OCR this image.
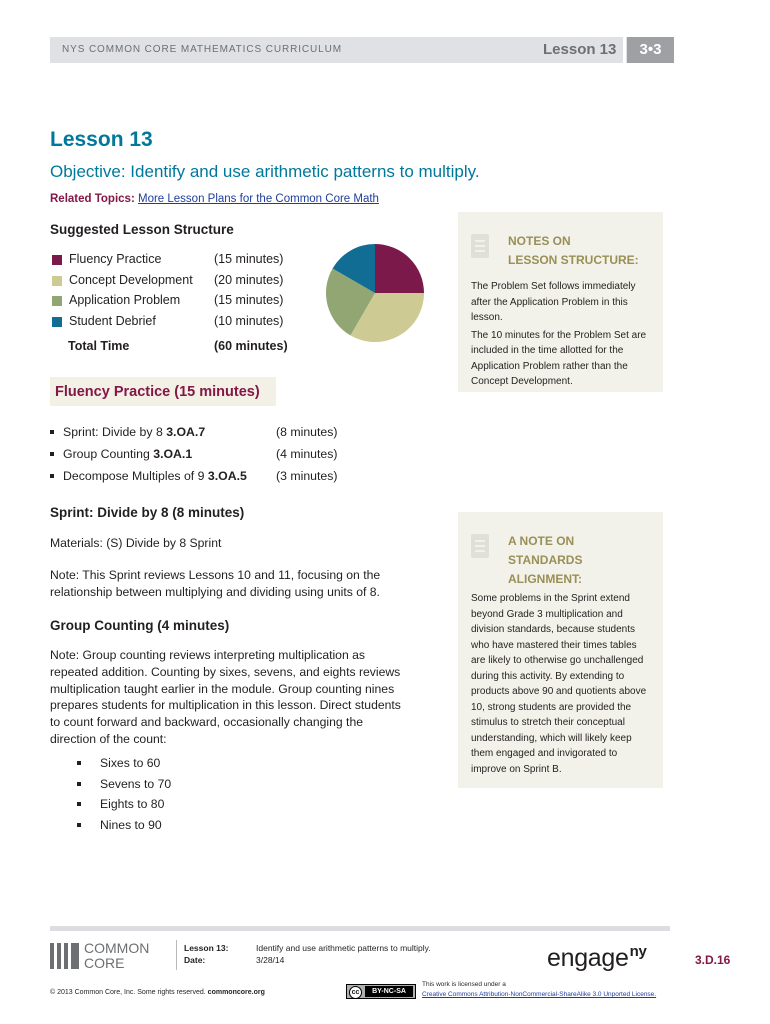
NYS COMMON CORE MATHEMATICS CURRICULUM	Lesson 13	3•3
Lesson 13
Objective: Identify and use arithmetic patterns to multiply.
Related Topics: More Lesson Plans for the Common Core Math
Suggested Lesson Structure
Fluency Practice	(15 minutes)
Concept Development (20 minutes)
Application Problem	(15 minutes)
Student Debrief	(10 minutes)
Total Time	(60 minutes)
NOTES ON
LESSON STRUCTURE:
The Problem Set follows immediately
after the Application Problem in this
lesson.
The 10 minutes for the Problem Set are
included in the time allotted for the
Application Problem rather than the
Concept Development.
Fluency Practice (15 minutes)
Sprint: Divide by 8 3.OA.7	(8 minutes)
Group Counting 3.OA.1	(4 minutes)
Decompose Multiples of 9 3.OA.5 (3 minutes)
Sprint: Divide by 8 (8 minutes)
Materials: (S) Divide by 8 Sprint
Note: This Sprint reviews Lessons 10 and 11, focusing on the
relationship between multiplying and dividing using units of 8.
Group Counting (4 minutes)
Note: Group counting reviews interpreting multiplication as
repeated addition. Counting by sixes, sevens, and eights reviews
multiplication taught earlier in the module. Group counting nines
prepares students for multiplication in this lesson. Direct students
to count forward and backward, occasionally changing the
direction of the count:
Sixes to 60
Sevens to 70
Eights to 80
Nines to 90
A NOTE ON
STANDARDS
ALIGNMENT:
Some problems in the Sprint extend
beyond Grade 3 multiplication and
division standards, because students
who have mastered their times tables
are likely to otherwise go unchallenged
during this activity. By extending to
products above 90 and quotients above
10, strong students are provided the
stimulus to stretch their conceptual
understanding, which will likely keep
them engaged and invigorated to
improve on Sprint B.
COMMON
CORE
Lesson 13:
Date:
Identify and use arithmetic patterns to multiply.
3/28/14	engage$^{ny}$	3.D.16
© 2013 Common Core, Inc. Some rights reserved. commoncore.org	cc	BY-NC-SA
This work is licensed under a
Creative Commons Attribution-NonCommercial-ShareAlike 3.0 Unported License.
